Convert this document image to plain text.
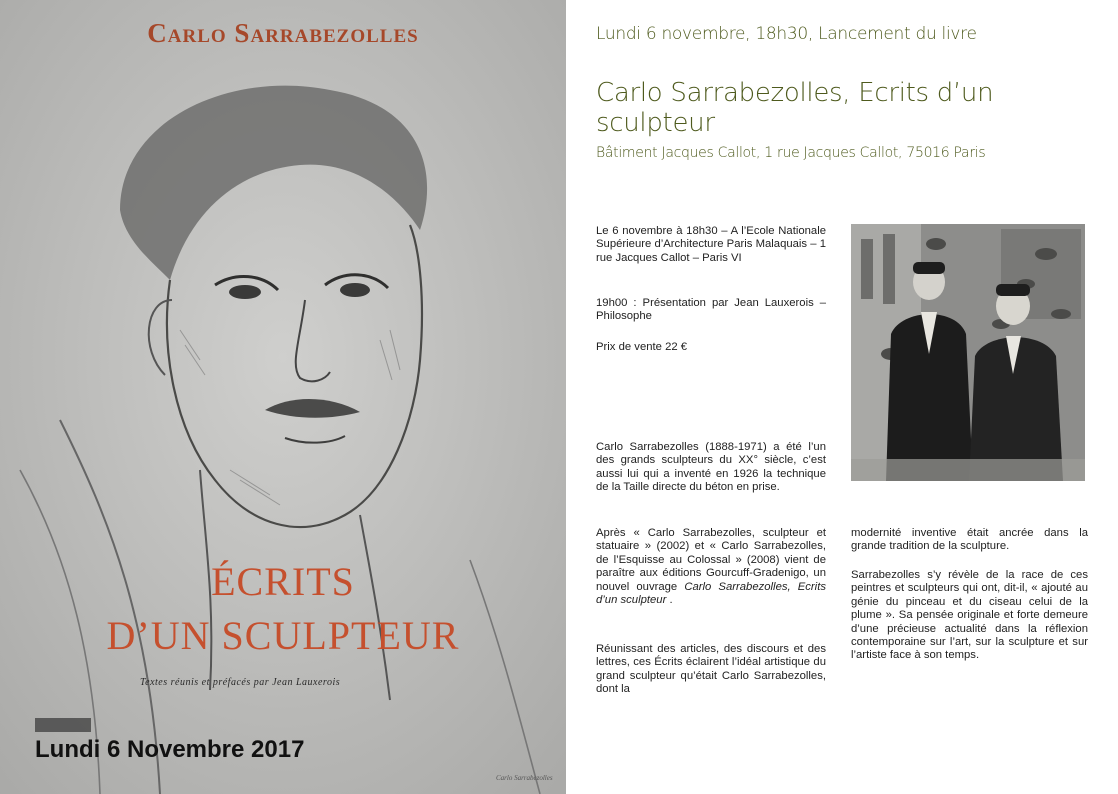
Carlo Sarrabezolles
ÉCRITS
D’UN SCULPTEUR
Textes réunis et préfacés par Jean Lauxerois
Carlo Sarrabezolles
Lundi 6 Novembre 2017
Lundi 6 novembre, 18h30, Lancement du livre
Carlo Sarrabezolles, Ecrits d’un sculpteur
Bâtiment Jacques Callot, 1 rue Jacques Callot, 75016 Paris

Le 6 novembre à 18h30 – A l’Ecole Nationale Supérieure d’Architecture Paris Malaquais – 1 rue Jacques Callot – Paris VI

19h00 : Présentation par Jean Lauxerois – Philosophe

Prix de vente 22 €

Carlo Sarrabezolles (1888-1971) a été l’un des grands sculpteurs du XX° siècle, c’est aussi lui qui a inventé en 1926 la technique de la Taille directe du béton en prise.

Après « Carlo Sarrabezolles, sculpteur et statuaire » (2002) et « Carlo Sarrabezolles, de l’Esquisse au Colossal » (2008) vient de paraître aux éditions Gourcuff-Gradenigo, un nouvel ouvrage Carlo Sarrabezolles, Ecrits d’un sculpteur .

Réunissant des articles, des discours et des lettres, ces Écrits éclairent l’idéal artistique du grand sculpteur qu’était Carlo Sarrabezolles, dont la

modernité inventive était ancrée dans la grande tradition de la sculpture.

Sarrabezolles s’y révèle de la race de ces peintres et sculpteurs qui ont, dit-il, « ajouté au génie du pinceau et du ciseau celui de la plume ». Sa pensée originale et forte demeure d’une précieuse actualité dans la réflexion contemporaine sur l’art, sur la sculpture et sur l’artiste face à son temps.
